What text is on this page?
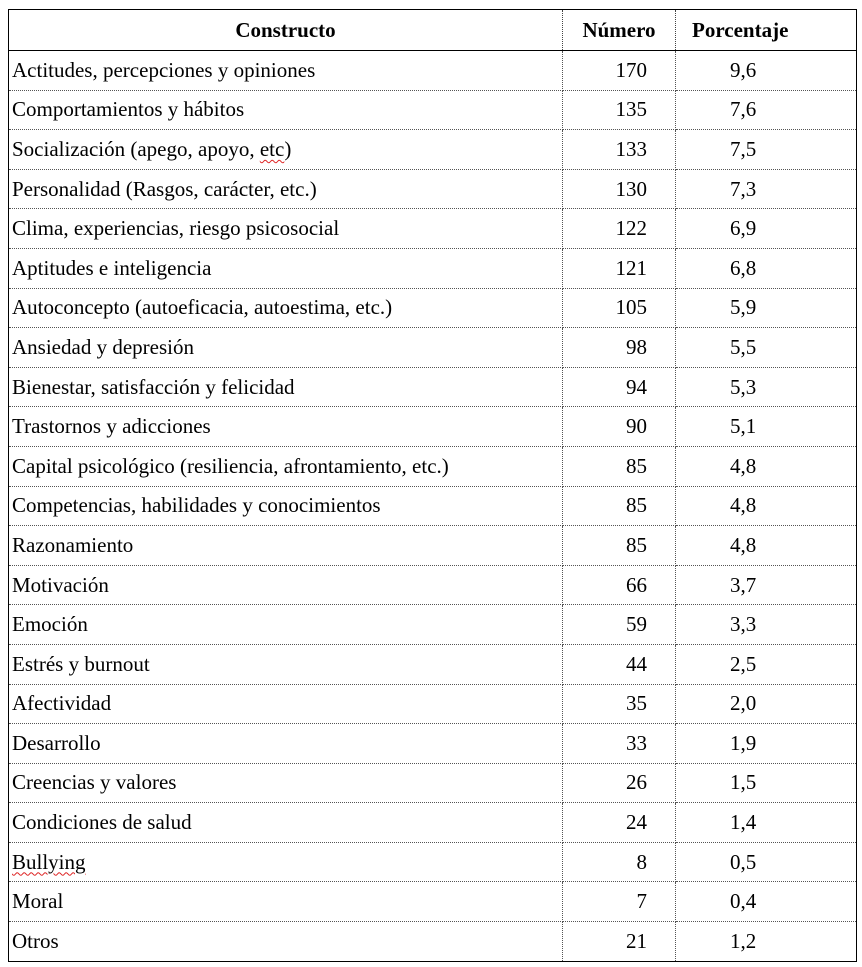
Constructo	Número	Porcentaje
Actitudes, percepciones y opiniones	170	9,6
Comportamientos y hábitos	135	7,6
Socialización (apego, apoyo, etc)	133	7,5
Personalidad (Rasgos, carácter, etc.)	130	7,3
Clima, experiencias, riesgo psicosocial	122	6,9
Aptitudes e inteligencia	121	6,8
Autoconcepto (autoeficacia, autoestima, etc.)	105	5,9
Ansiedad y depresión	98	5,5
Bienestar, satisfacción y felicidad	94	5,3
Trastornos y adicciones	90	5,1
Capital psicológico (resiliencia, afrontamiento, etc.)	85	4,8
Competencias, habilidades y conocimientos	85	4,8
Razonamiento	85	4,8
Motivación	66	3,7
Emoción	59	3,3
Estrés y burnout	44	2,5
Afectividad	35	2,0
Desarrollo	33	1,9
Creencias y valores	26	1,5
Condiciones de salud	24	1,4
Bullying	8	0,5
Moral	7	0,4
Otros	21	1,2
